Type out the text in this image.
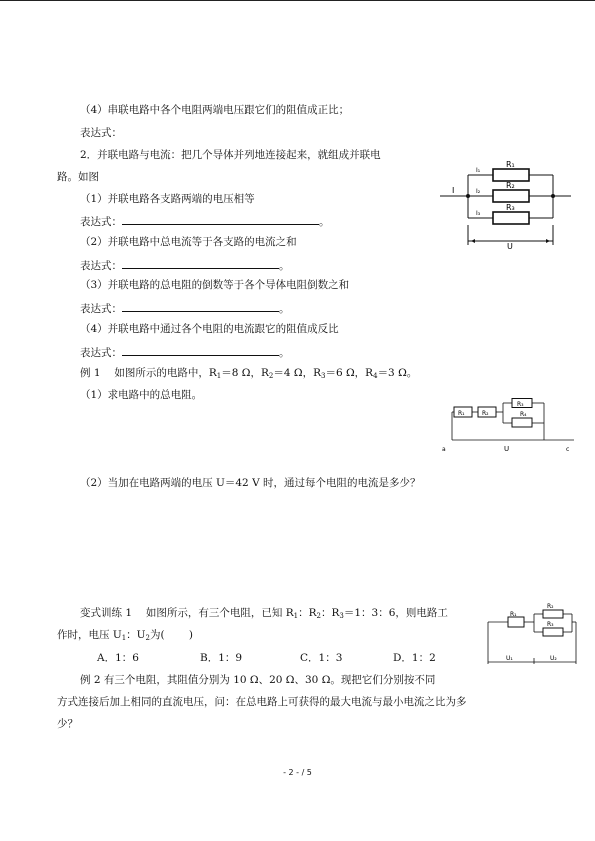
（4）串联电路中各个电阻两端电压跟它们的阻值成正比；
表达式：
2．并联电路与电流：把几个导体并列地连接起来，就组成并联电
路。如图
（1）并联电路各支路两端的电压相等
表达式：	。
（2）并联电路中总电流等于各支路的电流之和
表达式：	。
（3）并联电路的总电阻的倒数等于各个导体电阻倒数之和
表达式：	。
（4）并联电路中通过各个电阻的电流跟它的阻值成反比
表达式：	。
例 1　 如图所示的电路中，$R_1=8$ Ω，$R_2=4$ Ω，$R_3=6$ Ω，$R_4=3$ Ω。
（1）求电路中的总电阻。
（2）当加在电路两端的电压 U＝42 V 时，通过每个电阻的电流是多少？
变式训练 1　 如图所示，有三个电阻，已知 $R_1$：$R_2$：$R_3=1$：3：6，则电路工
作时，电压 $U_1$：$U_2$为(　　 )
A．1：6	B．1：9	C．1：3	D．1：2
例 2 有三个电阻，其阻值分别为 10 Ω、20 Ω、30 Ω。现把它们分别按不同
方式连接后加上相同的直流电压，问：在总电路上可获得的最大电流与最小电流之比为多
少？
R₁
R₂
R₃
I
I₁
I₂
I₃
U
R₁	R₂
R₃
R₄
a	U	c
R₁
R₂
R₃
U₁	U₂
- 2 - / 5
